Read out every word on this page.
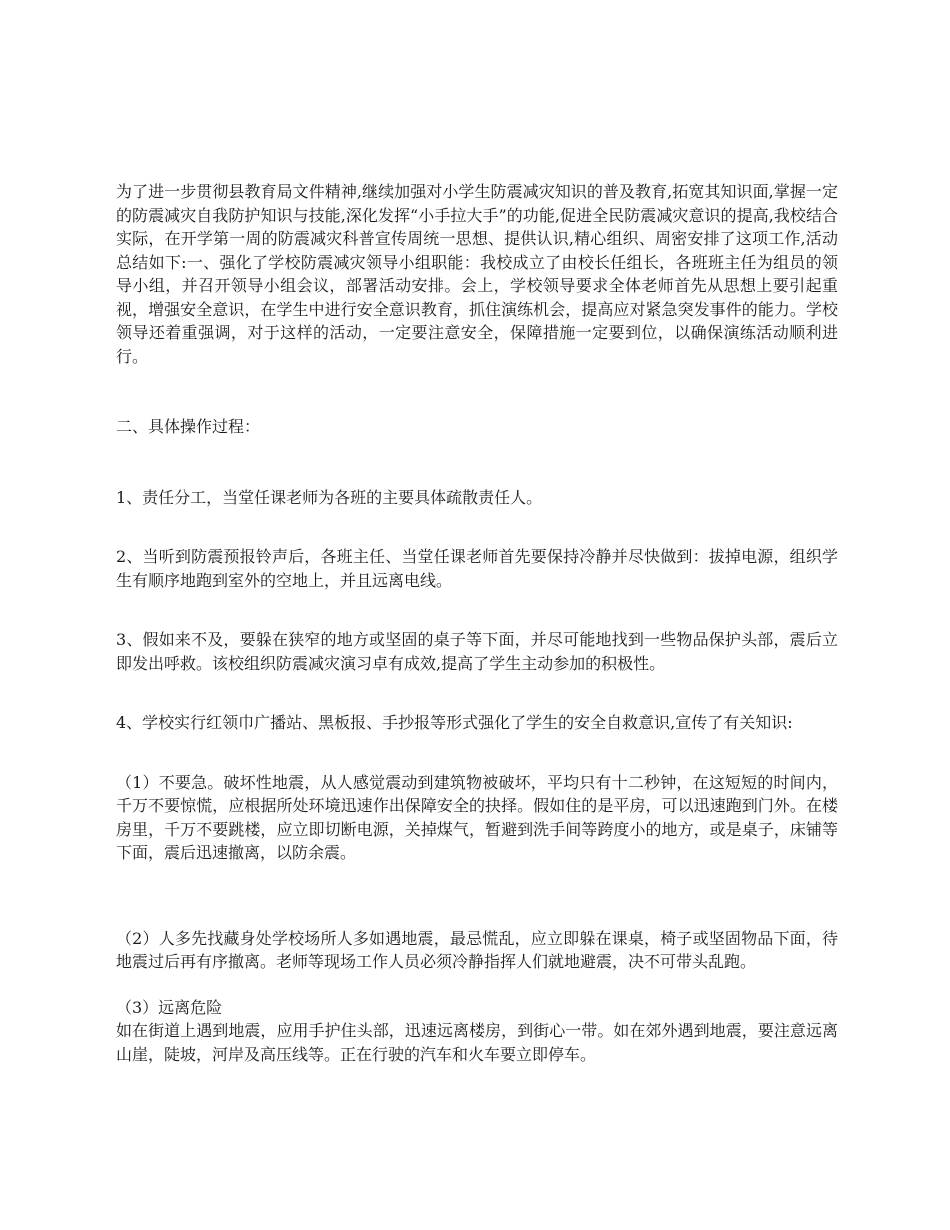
为了进一步贯彻县教育局文件精神,继续加强对小学生防震减灾知识的普及教育,拓宽其知识面,掌握一定的防震减灾自我防护知识与技能,深化发挥“小手拉大手”的功能,促进全民防震减灾意识的提高,我校结合实际，在开学第一周的防震减灾科普宣传周统一思想、提供认识,精心组织、周密安排了这项工作,活动总结如下:一、强化了学校防震减灾领导小组职能：我校成立了由校长任组长，各班班主任为组员的领导小组，并召开领导小组会议，部署活动安排。会上，学校领导要求全体老师首先从思想上要引起重视，增强安全意识，在学生中进行安全意识教育，抓住演练机会，提高应对紧急突发事件的能力。学校领导还着重强调，对于这样的活动，一定要注意安全，保障措施一定要到位，以确保演练活动顺利进行。

二、具体操作过程：

1、责任分工，当堂任课老师为各班的主要具体疏散责任人。

2、当听到防震预报铃声后，各班主任、当堂任课老师首先要保持冷静并尽快做到：拔掉电源，组织学生有顺序地跑到室外的空地上，并且远离电线。

3、假如来不及，要躲在狭窄的地方或坚固的桌子等下面，并尽可能地找到一些物品保护头部，震后立即发出呼救。该校组织防震减灾演习卓有成效,提高了学生主动参加的积极性。

4、学校实行红领巾广播站、黑板报、手抄报等形式强化了学生的安全自救意识,宣传了有关知识:

（1）不要急。破坏性地震，从人感觉震动到建筑物被破坏，平均只有十二秒钟，在这短短的时间内，千万不要惊慌，应根据所处环境迅速作出保障安全的抉择。假如住的是平房，可以迅速跑到门外。在楼房里，千万不要跳楼，应立即切断电源，关掉煤气，暂避到洗手间等跨度小的地方，或是桌子，床铺等下面，震后迅速撤离，以防余震。

（2）人多先找藏身处学校场所人多如遇地震，最忌慌乱，应立即躲在课桌，椅子或坚固物品下面，待地震过后再有序撤离。老师等现场工作人员必须冷静指挥人们就地避震，决不可带头乱跑。

（3）远离危险

如在街道上遇到地震，应用手护住头部，迅速远离楼房，到街心一带。如在郊外遇到地震，要注意远离山崖，陡坡，河岸及高压线等。正在行驶的汽车和火车要立即停车。
